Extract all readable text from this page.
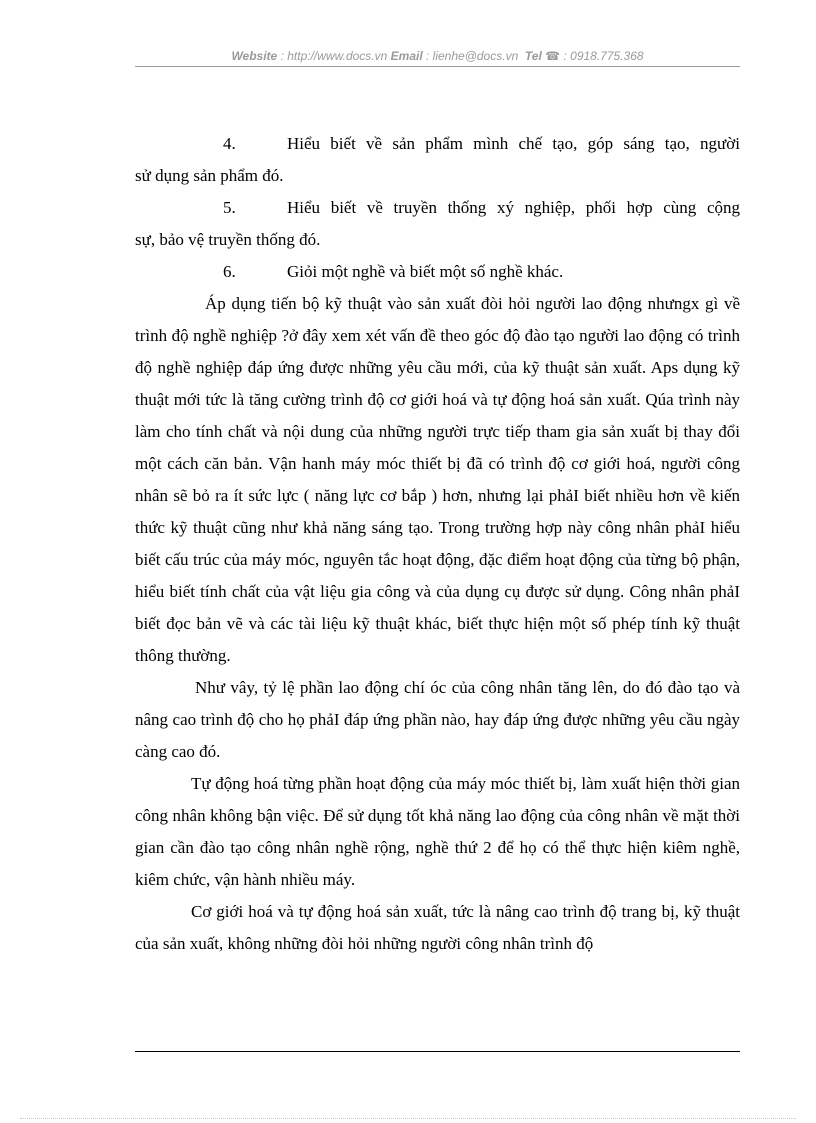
Website : http://www.docs.vn Email : lienhe@docs.vn Tel ☎ : 0918.775.368

4.	Hiểu biết về sản phẩm mình chế tạo, góp sáng tạo, người
sử dụng sản phẩm đó.

5.	Hiểu biết về truyền thống xý nghiệp, phối hợp cùng cộng
sự, bảo vệ truyền thống đó.

6.	Giỏi một nghề và biết một số nghề khác.

Áp dụng tiến bộ kỹ thuật vào sản xuất đòi hỏi người lao động nhưngx gì về trình độ nghề nghiệp ?ở đây xem xét vấn đề theo góc độ đào tạo người lao động có trình độ nghề nghiệp đáp ứng được những yêu cầu mới, của kỹ thuật sản xuất. Aps dụng kỹ thuật mới tức là tăng cường trình độ cơ giới hoá và tự động hoá sản xuất. Qúa trình này làm cho tính chất và nội dung của những người trực tiếp tham gia sản xuất bị thay đổi một cách căn bản. Vận hanh máy móc thiết bị đã có trình độ cơ giới hoá, người công nhân sẽ bỏ ra ít sức lực ( năng lực cơ bắp ) hơn, nhưng lại phảI biết nhiều hơn về kiến thức kỹ thuật cũng như khả năng sáng tạo. Trong trường hợp này công nhân phảI hiểu biết cấu trúc của máy móc, nguyên tắc hoạt động, đặc điểm hoạt động của từng bộ phận, hiểu biết tính chất của vật liệu gia công và của dụng cụ được sử dụng. Công nhân phảI biết đọc bản vẽ và các tài liệu kỹ thuật khác, biết thực hiện một số phép tính kỹ thuật thông thường.

Như vây, tỷ lệ phần lao động chí óc của công nhân tăng lên, do đó đào tạo và nâng cao trình độ cho họ phảI đáp ứng phần nào, hay đáp ứng được những yêu cầu ngày càng cao đó.

Tự động hoá từng phần hoạt động của máy móc thiết bị, làm xuất hiện thời gian công nhân không bận việc. Để sử dụng tốt khả năng lao động của công nhân về mặt thời gian cần đào tạo công nhân nghề rộng, nghề thứ 2 để họ có thể thực hiện kiêm nghề, kiêm chức, vận hành nhiều máy.

Cơ giới hoá và tự động hoá sản xuất, tức là nâng cao trình độ trang bị, kỹ thuật của sản xuất, không những đòi hỏi những người công nhân trình độ
